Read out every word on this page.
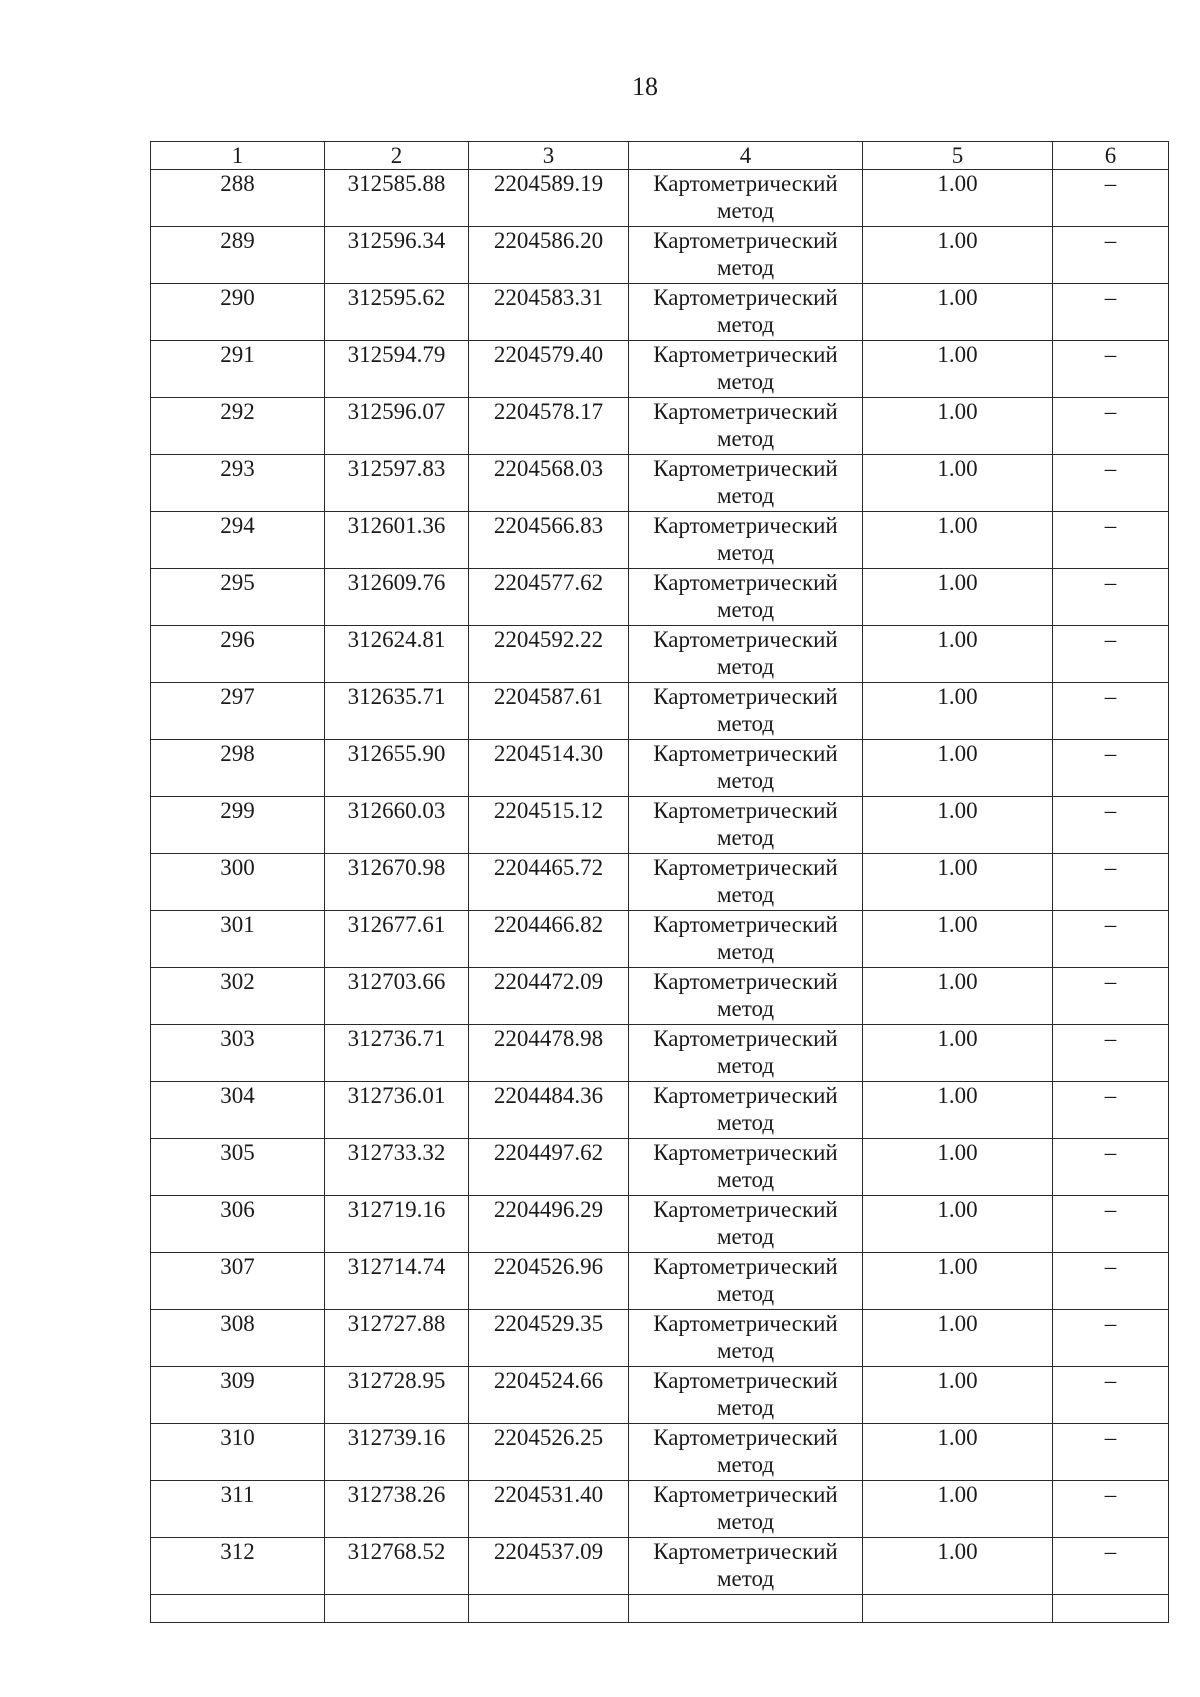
18
1	2	3	4	5	6
288	312585.88	2204589.19	Картометрический метод	1.00	–
289	312596.34	2204586.20	Картометрический метод	1.00	–
290	312595.62	2204583.31	Картометрический метод	1.00	–
291	312594.79	2204579.40	Картометрический метод	1.00	–
292	312596.07	2204578.17	Картометрический метод	1.00	–
293	312597.83	2204568.03	Картометрический метод	1.00	–
294	312601.36	2204566.83	Картометрический метод	1.00	–
295	312609.76	2204577.62	Картометрический метод	1.00	–
296	312624.81	2204592.22	Картометрический метод	1.00	–
297	312635.71	2204587.61	Картометрический метод	1.00	–
298	312655.90	2204514.30	Картометрический метод	1.00	–
299	312660.03	2204515.12	Картометрический метод	1.00	–
300	312670.98	2204465.72	Картометрический метод	1.00	–
301	312677.61	2204466.82	Картометрический метод	1.00	–
302	312703.66	2204472.09	Картометрический метод	1.00	–
303	312736.71	2204478.98	Картометрический метод	1.00	–
304	312736.01	2204484.36	Картометрический метод	1.00	–
305	312733.32	2204497.62	Картометрический метод	1.00	–
306	312719.16	2204496.29	Картометрический метод	1.00	–
307	312714.74	2204526.96	Картометрический метод	1.00	–
308	312727.88	2204529.35	Картометрический метод	1.00	–
309	312728.95	2204524.66	Картометрический метод	1.00	–
310	312739.16	2204526.25	Картометрический метод	1.00	–
311	312738.26	2204531.40	Картометрический метод	1.00	–
312	312768.52	2204537.09	Картометрический метод	1.00	–
